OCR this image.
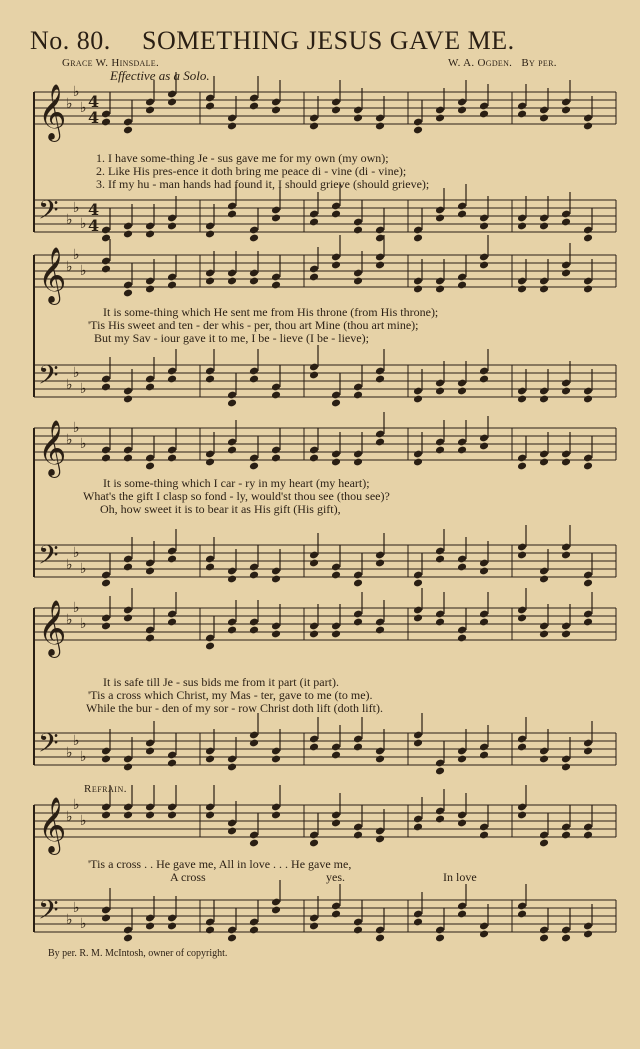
No. 80. SOMETHING JESUS GAVE ME.
Grace W. Hinsdale.	W. A. Ogden. By per.
Effective as a Solo.
𝄞
𝄢
♭
♭
♭
♭
♭
♭
4
4
4
4
𝄞
𝄢
♭
♭
♭
♭
♭
♭
𝄞
𝄢
♭
♭
♭
♭
♭
♭
𝄞
𝄢
♭
♭
♭
♭
♭
♭
𝄞
𝄢
♭
♭
♭
♭
♭
♭
1. I have some-thing Je - sus gave me for my own (my own);
2. Like His pres-ence it doth bring me peace di - vine (di - vine);
3. If my hu - man hands had found it, I should grieve (should grieve);
It is some-thing which He sent me from His throne (from His throne);
'Tis His sweet and ten - der whis - per, thou art Mine (thou art mine);
But my Sav - iour gave it to me, I be - lieve (I be - lieve);
It is some-thing which I car - ry in my heart (my heart);
What's the gift I clasp so fond - ly, would'st thou see (thou see)?
Oh, how sweet it is to bear it as His gift (His gift),
It is safe till Je - sus bids me from it part (it part).
'Tis a cross which Christ, my Mas - ter, gave to me (to me).
While the bur - den of my sor - row Christ doth lift (doth lift).
Refrain.
'Tis a cross . . He gave me, All in love . . . He gave me,
A cross	yes.	In love
By per. R. M. McIntosh, owner of copyright.
